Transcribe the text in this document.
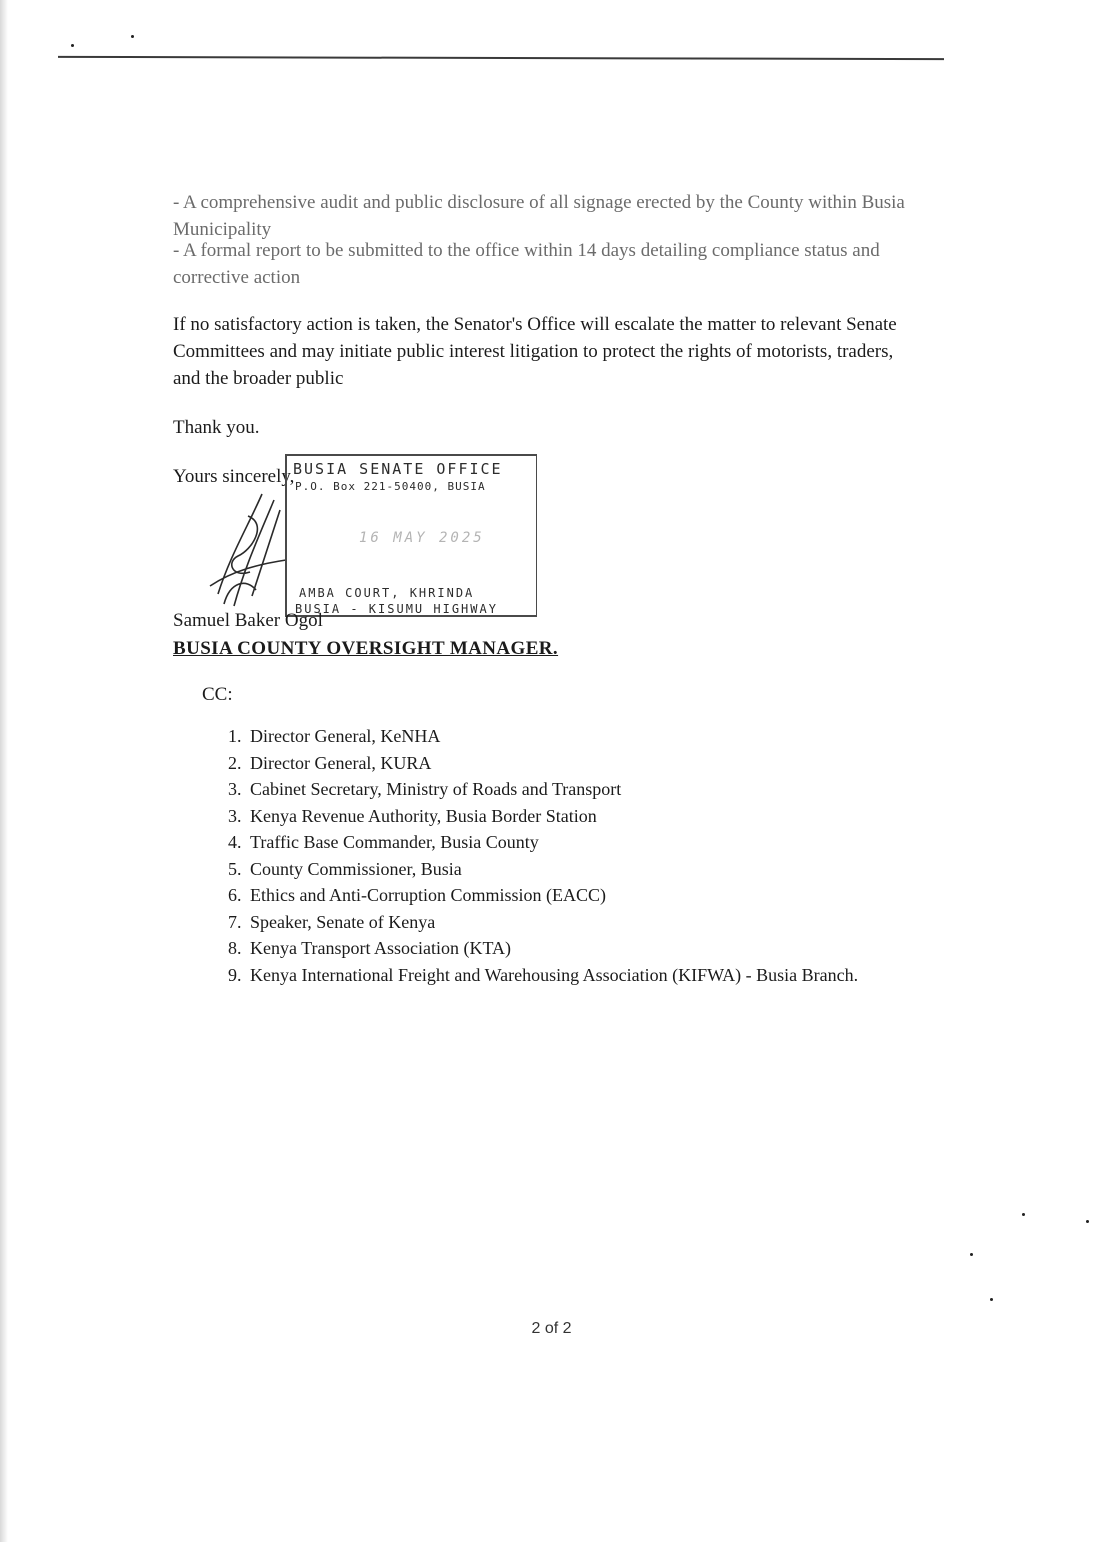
- A comprehensive audit and public disclosure of all signage erected by the County within Busia
Municipality
- A formal report to be submitted to the office within 14 days detailing compliance status and
corrective action
If no satisfactory action is taken, the Senator's Office will escalate the matter to relevant Senate
Committees and may initiate public interest litigation to protect the rights of motorists, traders,
and the broader public
Thank you.
Yours sincerely,
BUSIA SENATE OFFICE
P.O. Box 221-50400, BUSIA
16 MAY 2025
AMBA COURT, KHRINDA
BUSIA - KISUMU HIGHWAY
Samuel Baker Ogol
BUSIA COUNTY OVERSIGHT MANAGER.
CC:
1. Director General, KeNHA
2. Director General, KURA
3. Cabinet Secretary, Ministry of Roads and Transport
3. Kenya Revenue Authority, Busia Border Station
4. Traffic Base Commander, Busia County
5. County Commissioner, Busia
6. Ethics and Anti-Corruption Commission (EACC)
7. Speaker, Senate of Kenya
8. Kenya Transport Association (KTA)
9. Kenya International Freight and Warehousing Association (KIFWA) - Busia Branch.
2 of 2
